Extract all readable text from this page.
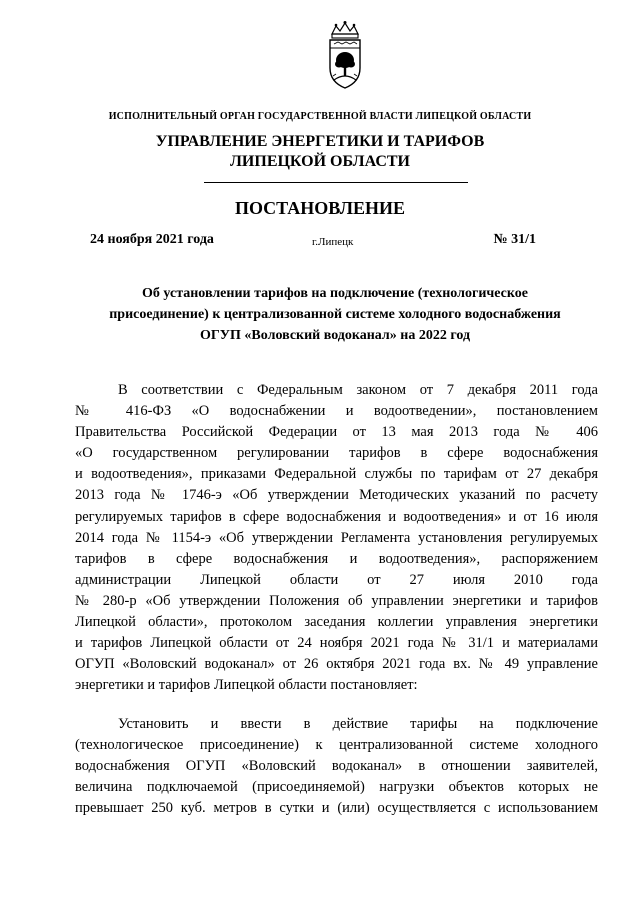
ИСПОЛНИТЕЛЬНЫЙ ОРГАН ГОСУДАРСТВЕННОЙ ВЛАСТИ ЛИПЕЦКОЙ ОБЛАСТИ
УПРАВЛЕНИЕ ЭНЕРГЕТИКИ И ТАРИФОВ
ЛИПЕЦКОЙ ОБЛАСТИ
ПОСТАНОВЛЕНИЕ
24 ноября 2021 года	г.Липецк	№ 31/1
Об установлении тарифов на подключение (технологическое
присоединение) к централизованной системе холодного водоснабжения
ОГУП «Воловский водоканал» на 2022 год
В соответствии с Федеральным законом от 7 декабря 2011 года
№ 416-ФЗ «О водоснабжении и водоотведении», постановлением
Правительства Российской Федерации от 13 мая 2013 года № 406
«О государственном регулировании тарифов в сфере водоснабжения
и водоотведения», приказами Федеральной службы по тарифам от 27 декабря
2013 года № 1746-э «Об утверждении Методических указаний по расчету
регулируемых тарифов в сфере водоснабжения и водоотведения» и от 16 июля
2014 года № 1154-э «Об утверждении Регламента установления регулируемых
тарифов в сфере водоснабжения и водоотведения», распоряжением
администрации Липецкой области от 27 июля 2010 года
№ 280-р «Об утверждении Положения об управлении энергетики и тарифов
Липецкой области», протоколом заседания коллегии управления энергетики
и тарифов Липецкой области от 24 ноября 2021 года № 31/1 и материалами
ОГУП «Воловский водоканал» от 26 октября 2021 года вх. № 49 управление
энергетики и тарифов Липецкой области постановляет:
Установить и ввести в действие тарифы на подключение
(технологическое присоединение) к централизованной системе холодного
водоснабжения ОГУП «Воловский водоканал» в отношении заявителей,
величина подключаемой (присоединяемой) нагрузки объектов которых не
превышает 250 куб. метров в сутки и (или) осуществляется с использованием
